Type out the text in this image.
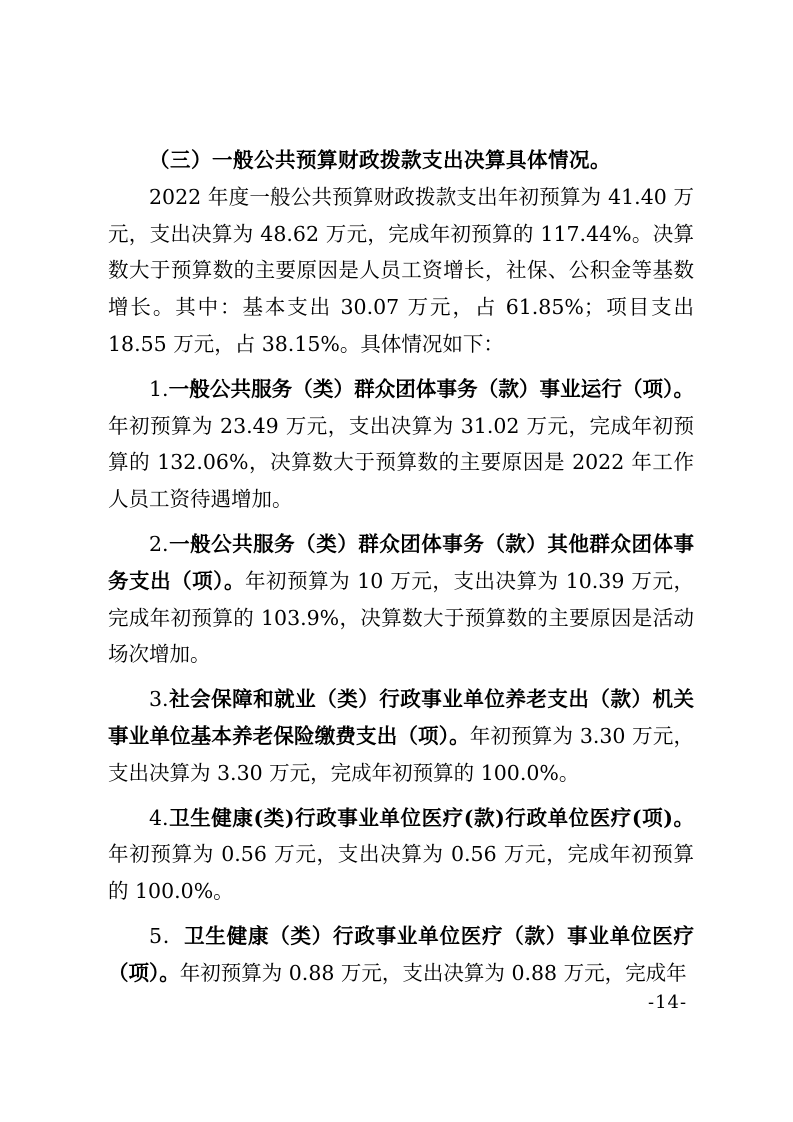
（三）一般公共预算财政拨款支出决算具体情况。

2022 年度一般公共预算财政拨款支出年初预算为 41.40 万元，支出决算为 48.62 万元，完成年初预算的 117.44%。决算数大于预算数的主要原因是人员工资增长，社保、公积金等基数增长。其中：基本支出 30.07 万元，占 61.85%；项目支出 18.55 万元，占 38.15%。具体情况如下：

1.一般公共服务（类）群众团体事务（款）事业运行（项）。年初预算为 23.49 万元，支出决算为 31.02 万元，完成年初预算的 132.06%，决算数大于预算数的主要原因是 2022 年工作人员工资待遇增加。

2.一般公共服务（类）群众团体事务（款）其他群众团体事务支出（项）。年初预算为 10 万元，支出决算为 10.39 万元，完成年初预算的 103.9%，决算数大于预算数的主要原因是活动场次增加。

3.社会保障和就业（类）行政事业单位养老支出（款）机关事业单位基本养老保险缴费支出（项）。年初预算为 3.30 万元，支出决算为 3.30 万元，完成年初预算的 100.0%。

4.卫生健康(类)行政事业单位医疗(款)行政单位医疗(项)。年初预算为 0.56 万元，支出决算为 0.56 万元，完成年初预算的 100.0%。

5．卫生健康（类）行政事业单位医疗（款）事业单位医疗（项）。年初预算为 0.88 万元，支出决算为 0.88 万元，完成年

-14-
